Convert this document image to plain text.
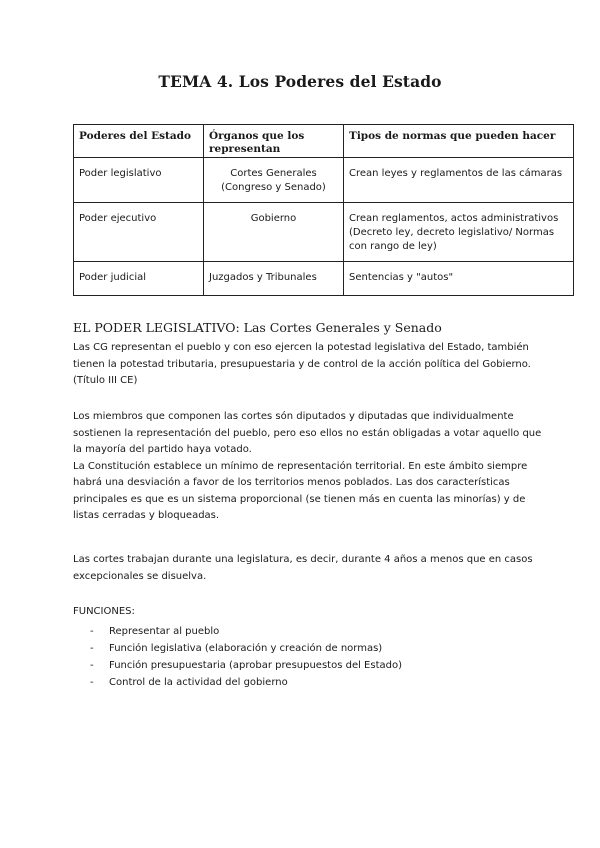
TEMA 4. Los Poderes del Estado
Poderes del Estado	Órganos que los representan	Tipos de normas que pueden hacer
Poder legislativo	Cortes Generales (Congreso y Senado)	Crean leyes y reglamentos de las cámaras
Poder ejecutivo	Gobierno	Crean reglamentos, actos administrativos (Decreto ley, decreto legislativo/ Normas con rango de ley)
Poder judicial	Juzgados y Tribunales	Sentencias y "autos"
EL PODER LEGISLATIVO: Las Cortes Generales y Senado

Las CG representan el pueblo y con eso ejercen la potestad legislativa del Estado, también tienen la potestad tributaria, presupuestaria y de control de la acción política del Gobierno. (Título III CE)

Los miembros que componen las cortes són diputados y diputadas que individualmente sostienen la representación del pueblo, pero eso ellos no están obligadas a votar aquello que la mayoría del partido haya votado.
La Constitución establece un mínimo de representación territorial. En este ámbito siempre habrá una desviación a favor de los territorios menos poblados. Las dos características principales es que es un sistema proporcional (se tienen más en cuenta las minorías) y de listas cerradas y bloqueadas.

Las cortes trabajan durante una legislatura, es decir, durante 4 años a menos que en casos excepcionales se disuelva.

FUNCIONES:
- Representar al pueblo
- Función legislativa (elaboración y creación de normas)
- Función presupuestaria (aprobar presupuestos del Estado)
- Control de la actividad del gobierno
